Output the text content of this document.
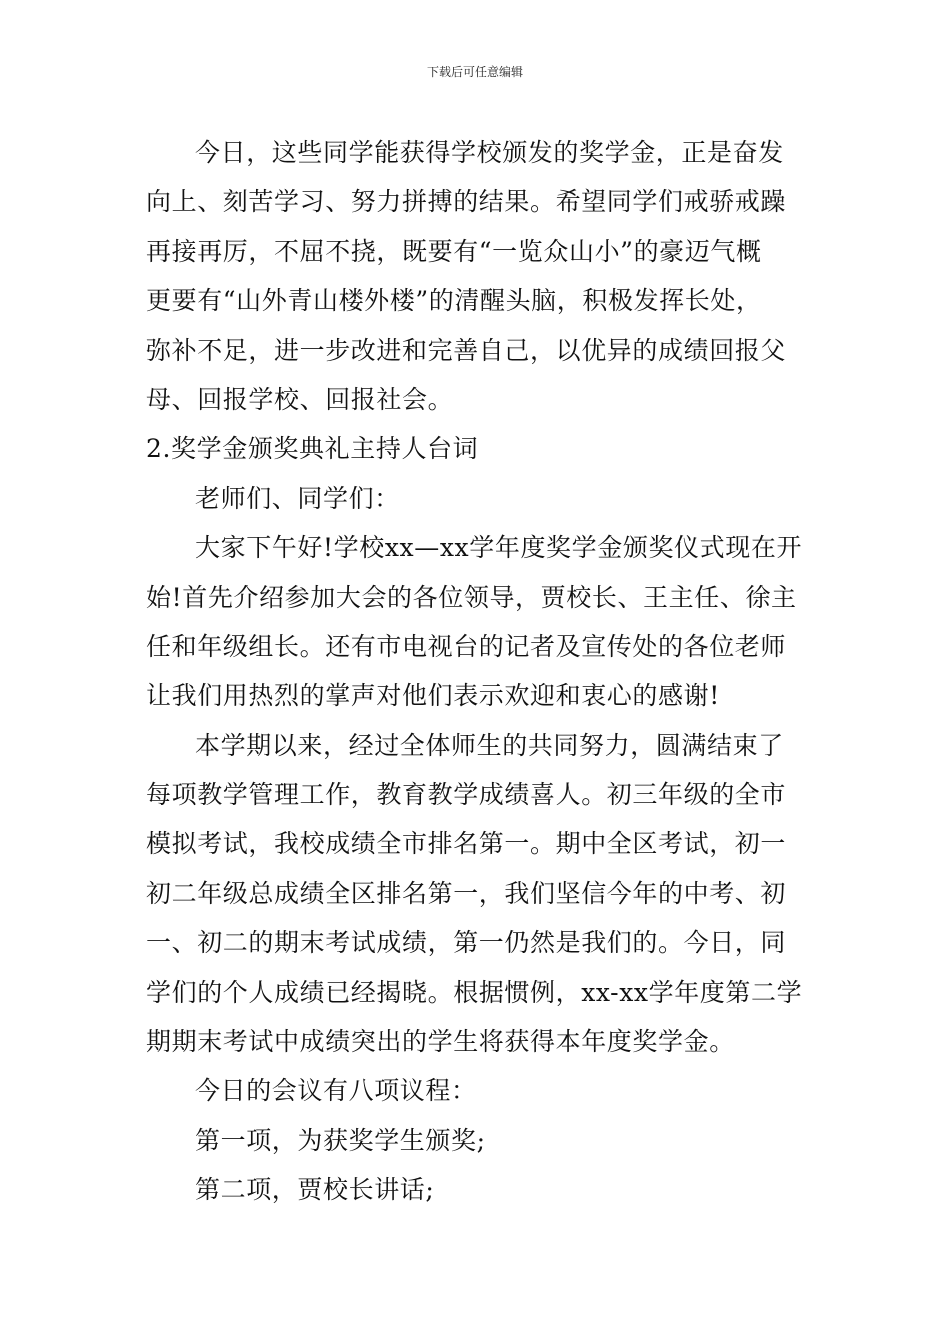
下载后可任意编辑
今日，这些同学能获得学校颁发的奖学金，正是奋发
向上、刻苦学习、努力拼搏的结果。希望同学们戒骄戒躁
再接再厉，不屈不挠，既要有“一览众山小”的豪迈气概
更要有“山外青山楼外楼”的清醒头脑，积极发挥长处，
弥补不足，进一步改进和完善自己，以优异的成绩回报父
母、回报学校、回报社会。
2.奖学金颁奖典礼主持人台词
老师们、同学们：
大家下午好!学校xx—xx学年度奖学金颁奖仪式现在开
始!首先介绍参加大会的各位领导，贾校长、王主任、徐主
任和年级组长。还有市电视台的记者及宣传处的各位老师
让我们用热烈的掌声对他们表示欢迎和衷心的感谢!
本学期以来，经过全体师生的共同努力，圆满结束了
每项教学管理工作，教育教学成绩喜人。初三年级的全市
模拟考试，我校成绩全市排名第一。期中全区考试，初一
初二年级总成绩全区排名第一，我们坚信今年的中考、初
一、初二的期末考试成绩，第一仍然是我们的。今日，同
学们的个人成绩已经揭晓。根据惯例，xx-xx学年度第二学
期期末考试中成绩突出的学生将获得本年度奖学金。
今日的会议有八项议程：
第一项，为获奖学生颁奖;
第二项，贾校长讲话;
